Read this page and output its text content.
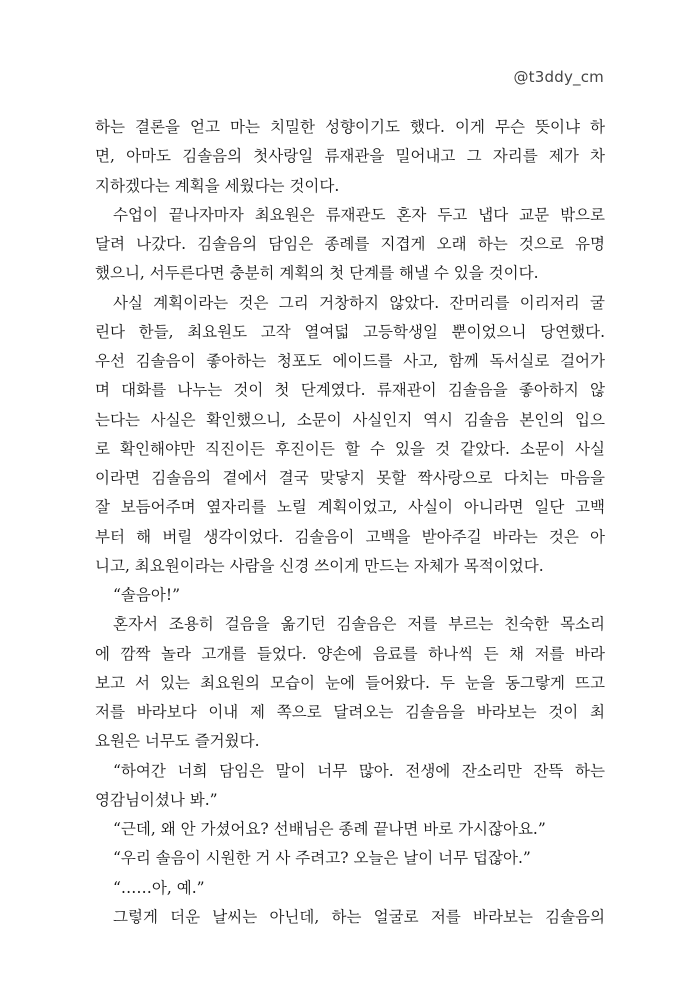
@t3ddy_cm
하는 결론을 얻고 마는 치밀한 성향이기도 했다. 이게 무슨 뜻이냐 하
면, 아마도 김솔음의 첫사랑일 류재관을 밀어내고 그 자리를 제가 차
지하겠다는 계획을 세웠다는 것이다.
수업이 끝나자마자 최요원은 류재관도 혼자 두고 냅다 교문 밖으로
달려 나갔다. 김솔음의 담임은 종례를 지겹게 오래 하는 것으로 유명
했으니, 서두른다면 충분히 계획의 첫 단계를 해낼 수 있을 것이다.
사실 계획이라는 것은 그리 거창하지 않았다. 잔머리를 이리저리 굴
린다 한들, 최요원도 고작 열여덟 고등학생일 뿐이었으니 당연했다.
우선 김솔음이 좋아하는 청포도 에이드를 사고, 함께 독서실로 걸어가
며 대화를 나누는 것이 첫 단계였다. 류재관이 김솔음을 좋아하지 않
는다는 사실은 확인했으니, 소문이 사실인지 역시 김솔음 본인의 입으
로 확인해야만 직진이든 후진이든 할 수 있을 것 같았다. 소문이 사실
이라면 김솔음의 곁에서 결국 맞닿지 못할 짝사랑으로 다치는 마음을
잘 보듬어주며 옆자리를 노릴 계획이었고, 사실이 아니라면 일단 고백
부터 해 버릴 생각이었다. 김솔음이 고백을 받아주길 바라는 것은 아
니고, 최요원이라는 사람을 신경 쓰이게 만드는 자체가 목적이었다.
“솔음아!”
혼자서 조용히 걸음을 옮기던 김솔음은 저를 부르는 친숙한 목소리
에 깜짝 놀라 고개를 들었다. 양손에 음료를 하나씩 든 채 저를 바라
보고 서 있는 최요원의 모습이 눈에 들어왔다. 두 눈을 동그랗게 뜨고
저를 바라보다 이내 제 쪽으로 달려오는 김솔음을 바라보는 것이 최
요원은 너무도 즐거웠다.
“하여간 너희 담임은 말이 너무 많아. 전생에 잔소리만 잔뜩 하는
영감님이셨나 봐.”
“근데, 왜 안 가셨어요? 선배님은 종례 끝나면 바로 가시잖아요.”
“우리 솔음이 시원한 거 사 주려고? 오늘은 날이 너무 덥잖아.”
“……아, 예.”
그렇게 더운 날씨는 아닌데, 하는 얼굴로 저를 바라보는 김솔음의
